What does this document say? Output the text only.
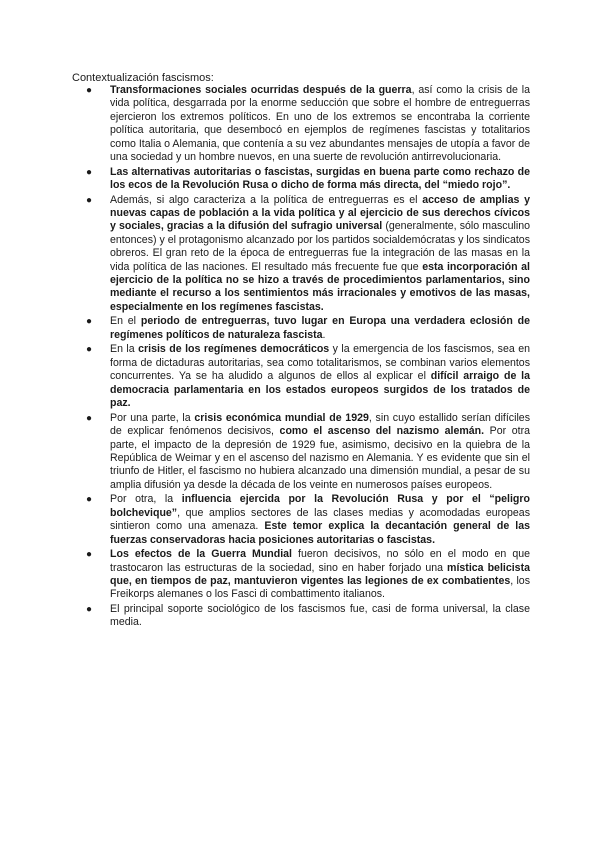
Contextualización fascismos:
●	Transformaciones sociales ocurridas después de la guerra, así como la crisis de la vida política, desgarrada por la enorme seducción que sobre el hombre de entreguerras ejercieron los extremos políticos. En uno de los extremos se encontraba la corriente política autoritaria, que desembocó en ejemplos de regímenes fascistas y totalitarios como Italia o Alemania, que contenía a su vez abundantes mensajes de utopía a favor de una sociedad y un hombre nuevos, en una suerte de revolución antirrevolucionaria.
●	Las alternativas autoritarias o fascistas, surgidas en buena parte como rechazo de los ecos de la Revolución Rusa o dicho de forma más directa, del “miedo rojo”.
●	Además, si algo caracteriza a la política de entreguerras es el acceso de amplias y nuevas capas de población a la vida política y al ejercicio de sus derechos cívicos y sociales, gracias a la difusión del sufragio universal (generalmente, sólo masculino entonces) y el protagonismo alcanzado por los partidos socialdemócratas y los sindicatos obreros. El gran reto de la época de entreguerras fue la integración de las masas en la vida política de las naciones. El resultado más frecuente fue que esta incorporación al ejercicio de la política no se hizo a través de procedimientos parlamentarios, sino mediante el recurso a los sentimientos más irracionales y emotivos de las masas, especialmente en los regímenes fascistas.
●	En el periodo de entreguerras, tuvo lugar en Europa una verdadera eclosión de regímenes políticos de naturaleza fascista.
●	En la crisis de los regímenes democráticos y la emergencia de los fascismos, sea en forma de dictaduras autoritarias, sea como totalitarismos, se combinan varios elementos concurrentes. Ya se ha aludido a algunos de ellos al explicar el difícil arraigo de la democracia parlamentaria en los estados europeos surgidos de los tratados de paz.
●	Por una parte, la crisis económica mundial de 1929, sin cuyo estallido serían difíciles de explicar fenómenos decisivos, como el ascenso del nazismo alemán. Por otra parte, el impacto de la depresión de 1929 fue, asimismo, decisivo en la quiebra de la República de Weimar y en el ascenso del nazismo en Alemania. Y es evidente que sin el triunfo de Hitler, el fascismo no hubiera alcanzado una dimensión mundial, a pesar de su amplia difusión ya desde la década de los veinte en numerosos países europeos.
●	Por otra, la influencia ejercida por la Revolución Rusa y por el “peligro bolchevique”, que amplios sectores de las clases medias y acomodadas europeas sintieron como una amenaza. Este temor explica la decantación general de las fuerzas conservadoras hacia posiciones autoritarias o fascistas.
●	Los efectos de la Guerra Mundial fueron decisivos, no sólo en el modo en que trastocaron las estructuras de la sociedad, sino en haber forjado una mística belicista que, en tiempos de paz, mantuvieron vigentes las legiones de ex combatientes, los Freikorps alemanes o los Fasci di combattimento italianos.
●	El principal soporte sociológico de los fascismos fue, casi de forma universal, la clase media.
